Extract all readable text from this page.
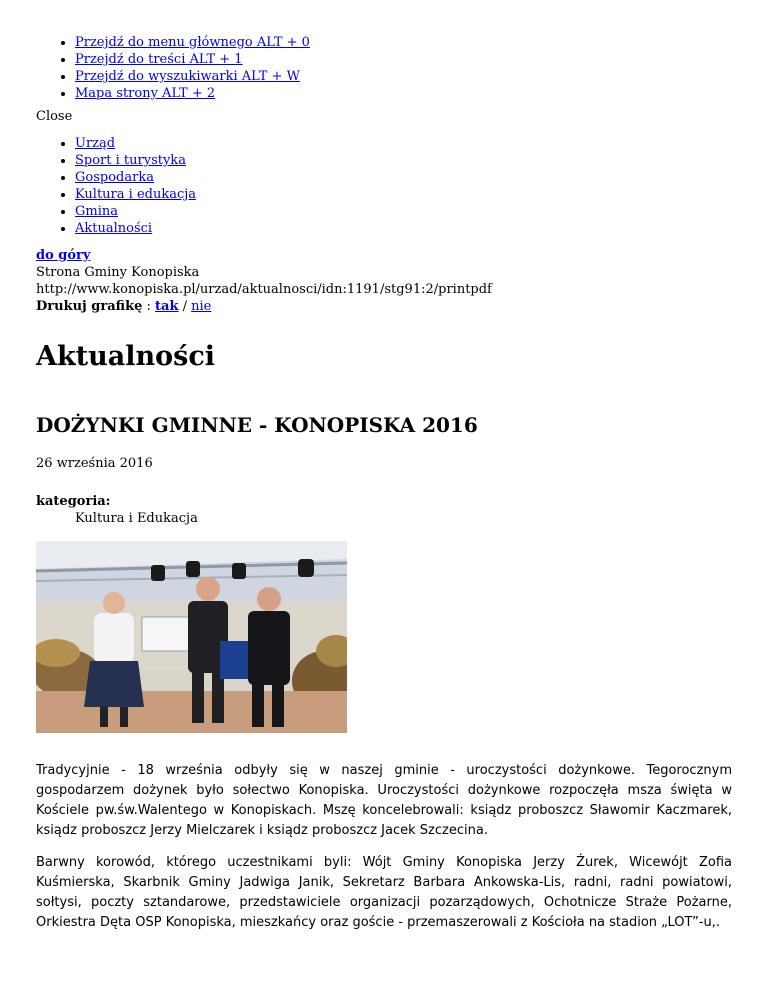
• Przejdź do menu głównego ALT + 0
• Przejdź do treści ALT + 1
• Przejdź do wyszukiwarki ALT + W
• Mapa strony ALT + 2
Close
• Urząd
• Sport i turystyka
• Gospodarka
• Kultura i edukacja
• Gmina
• Aktualności
do góry
Strona Gminy Konopiska
http://www.konopiska.pl/urzad/aktualnosci/idn:1191/stg91:2/printpdf
Drukuj grafikę : tak / nie
Aktualności
DOŻYNKI GMINNE - KONOPISKA 2016
26 września 2016
kategoria:
Kultura i Edukacja
Tradycyjnie - 18 września odbyły się w naszej gminie - uroczystości dożynkowe. Tegorocznym gospodarzem dożynek było sołectwo Konopiska. Uroczystości dożynkowe rozpoczęła msza święta w Kościele pw.św.Walentego w Konopiskach. Mszę koncelebrowali: ksiądz proboszcz Sławomir Kaczmarek, ksiądz proboszcz Jerzy Mielczarek i ksiądz proboszcz Jacek Szczecina.
Barwny korowód, którego uczestnikami byli: Wójt Gminy Konopiska Jerzy Żurek, Wicewójt Zofia Kuśmierska, Skarbnik Gminy Jadwiga Janik, Sekretarz Barbara Ankowska-Lis, radni, radni powiatowi, sołtysi, poczty sztandarowe, przedstawiciele organizacji pozarządowych, Ochotnicze Straże Pożarne, Orkiestra Dęta OSP Konopiska, mieszkańcy oraz goście - przemaszerowali z Kościoła na stadion „LOT”-u,.
